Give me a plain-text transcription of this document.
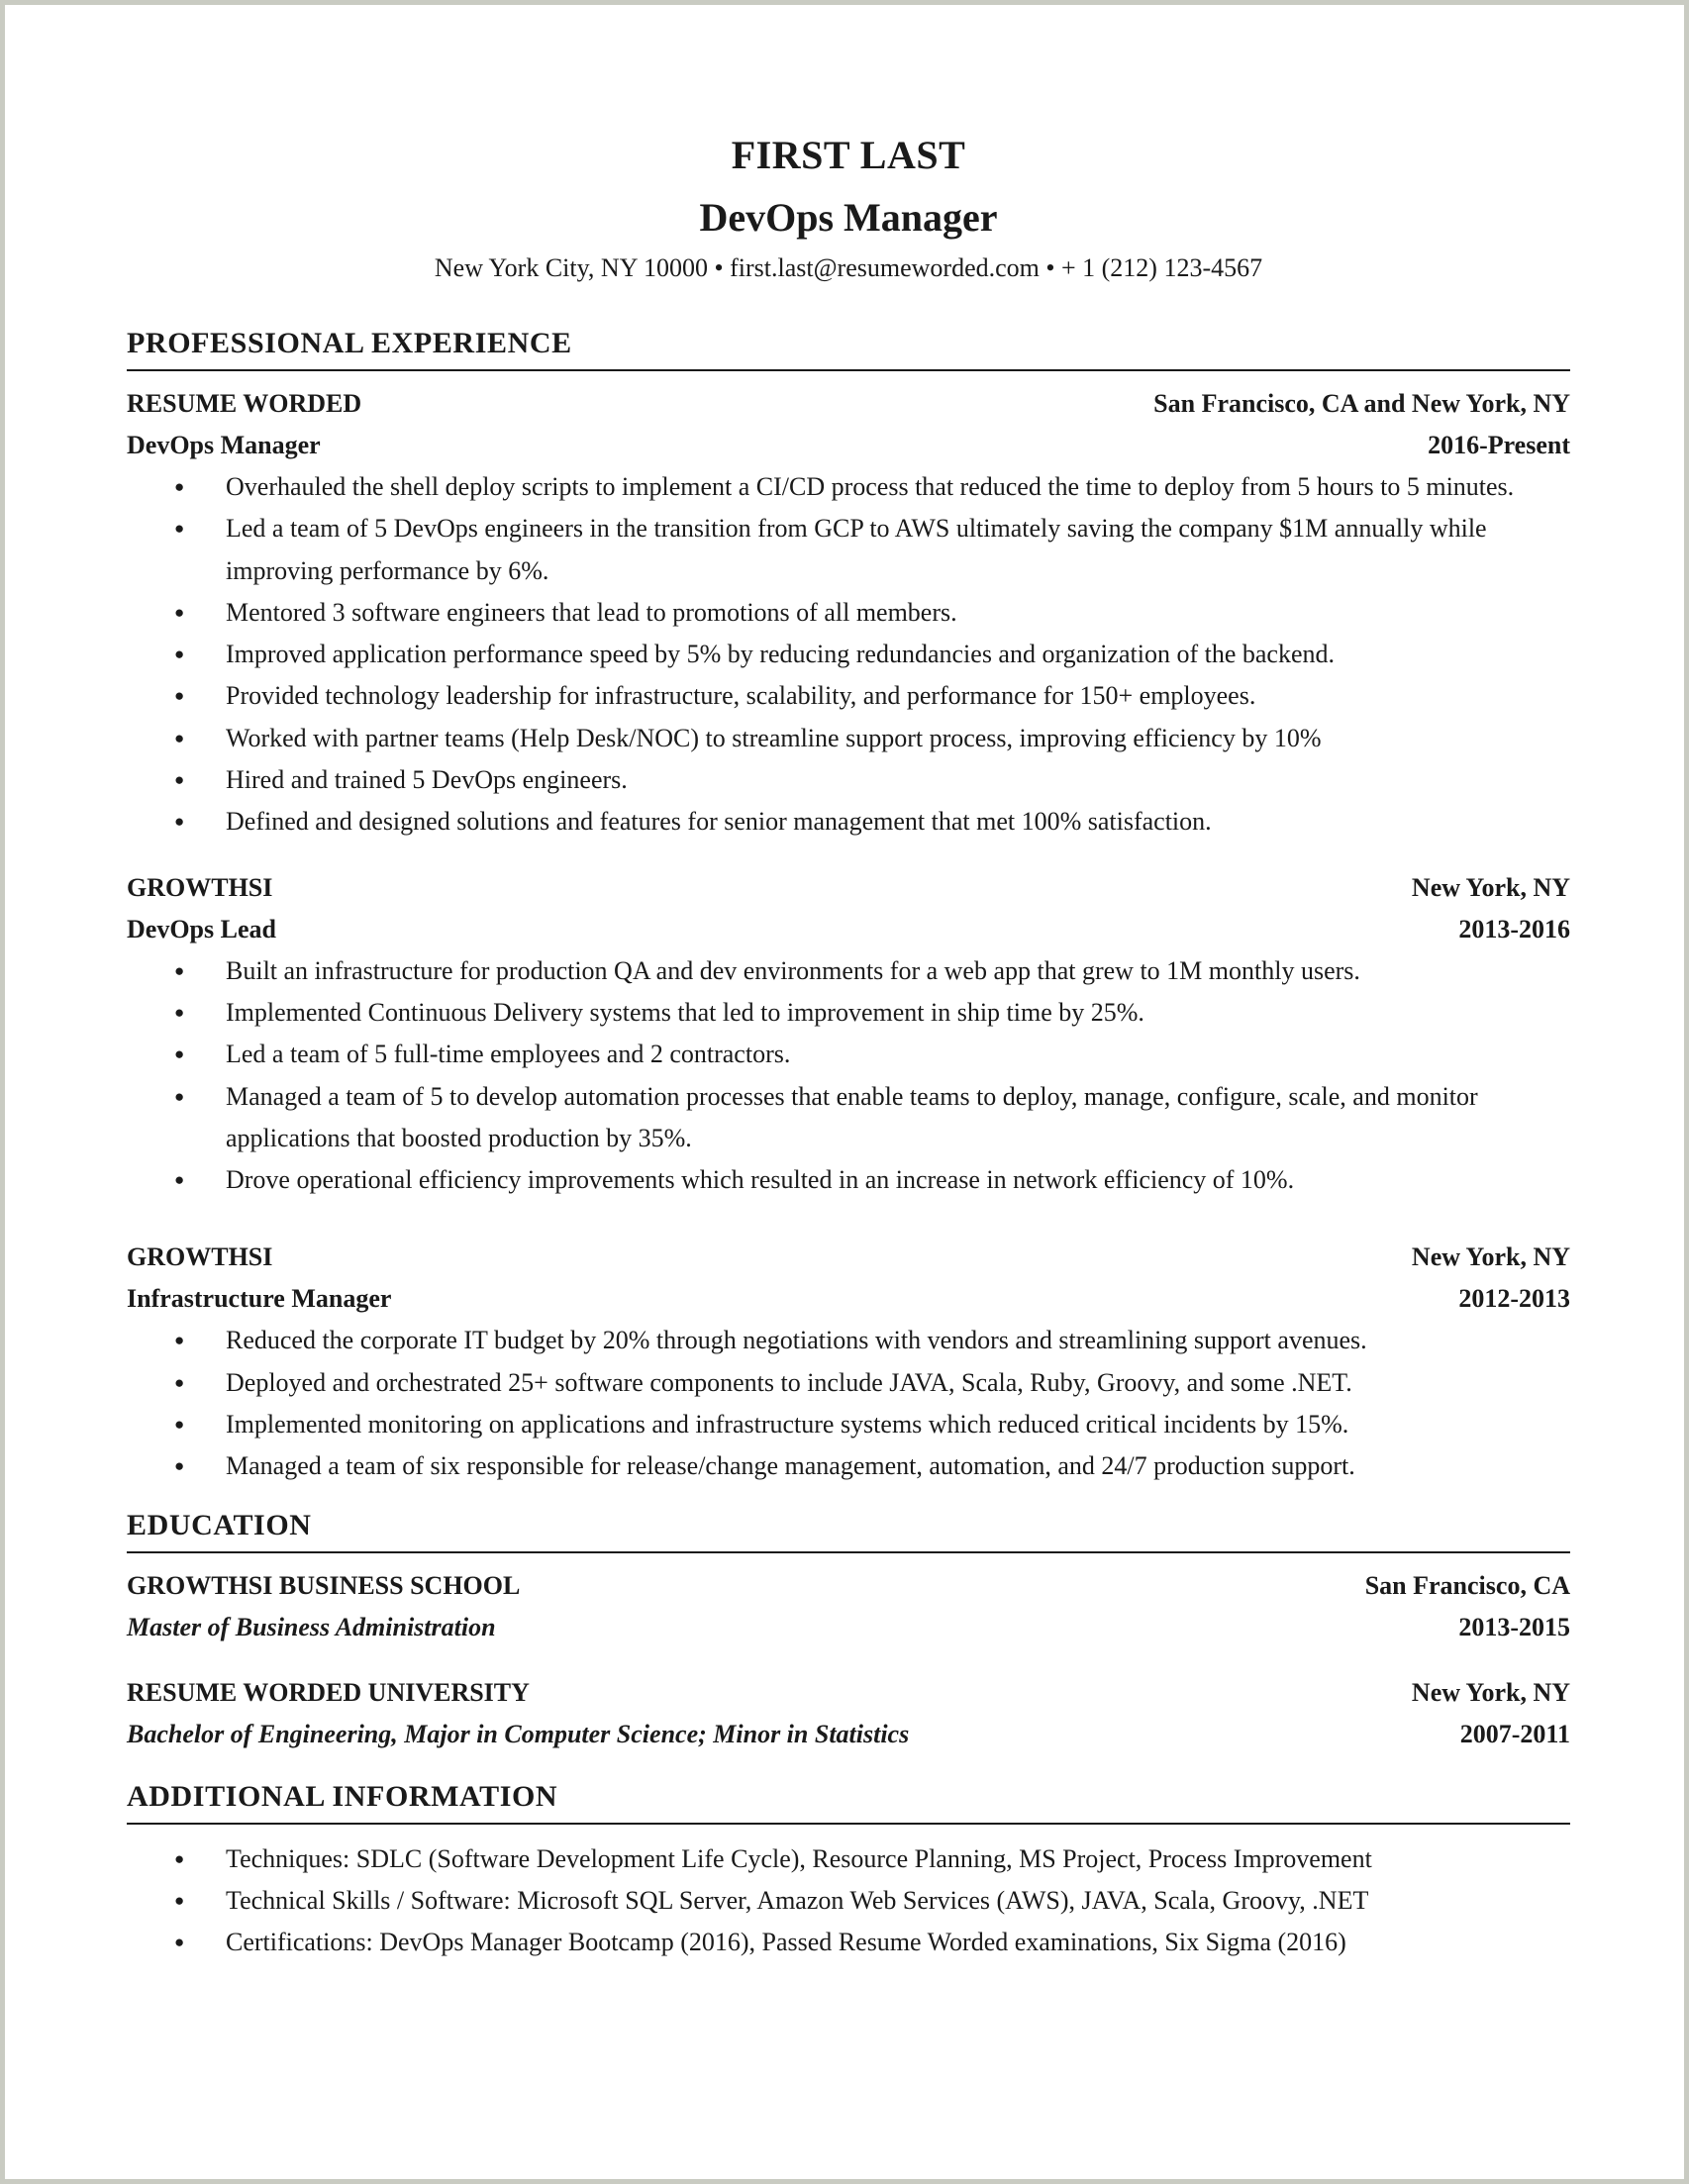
FIRST LAST
DevOps Manager
New York City, NY 10000 • first.last@resumeworded.com • + 1 (212) 123-4567
PROFESSIONAL EXPERIENCE
RESUME WORDED	San Francisco, CA and New York, NY
DevOps Manager	2016-Present
● Overhauled the shell deploy scripts to implement a CI/CD process that reduced the time to deploy from 5 hours to 5 minutes.
● Led a team of 5 DevOps engineers in the transition from GCP to AWS ultimately saving the company $1M annually while improving performance by 6%.
● Mentored 3 software engineers that lead to promotions of all members.
● Improved application performance speed by 5% by reducing redundancies and organization of the backend.
● Provided technology leadership for infrastructure, scalability, and performance for 150+ employees.
● Worked with partner teams (Help Desk/NOC) to streamline support process, improving efficiency by 10%
● Hired and trained 5 DevOps engineers.
● Defined and designed solutions and features for senior management that met 100% satisfaction.
GROWTHSI	New York, NY
DevOps Lead	2013-2016
● Built an infrastructure for production QA and dev environments for a web app that grew to 1M monthly users.
● Implemented Continuous Delivery systems that led to improvement in ship time by 25%.
● Led a team of 5 full-time employees and 2 contractors.
● Managed a team of 5 to develop automation processes that enable teams to deploy, manage, configure, scale, and monitor applications that boosted production by 35%.
● Drove operational efficiency improvements which resulted in an increase in network efficiency of 10%.
GROWTHSI	New York, NY
Infrastructure Manager	2012-2013
● Reduced the corporate IT budget by 20% through negotiations with vendors and streamlining support avenues.
● Deployed and orchestrated 25+ software components to include JAVA, Scala, Ruby, Groovy, and some .NET.
● Implemented monitoring on applications and infrastructure systems which reduced critical incidents by 15%.
● Managed a team of six responsible for release/change management, automation, and 24/7 production support.
EDUCATION
GROWTHSI BUSINESS SCHOOL	San Francisco, CA
Master of Business Administration	2013-2015
RESUME WORDED UNIVERSITY	New York, NY
Bachelor of Engineering, Major in Computer Science; Minor in Statistics	2007-2011
ADDITIONAL INFORMATION
● Techniques: SDLC (Software Development Life Cycle), Resource Planning, MS Project, Process Improvement
● Technical Skills / Software: Microsoft SQL Server, Amazon Web Services (AWS), JAVA, Scala, Groovy, .NET
● Certifications: DevOps Manager Bootcamp (2016), Passed Resume Worded examinations, Six Sigma (2016)
